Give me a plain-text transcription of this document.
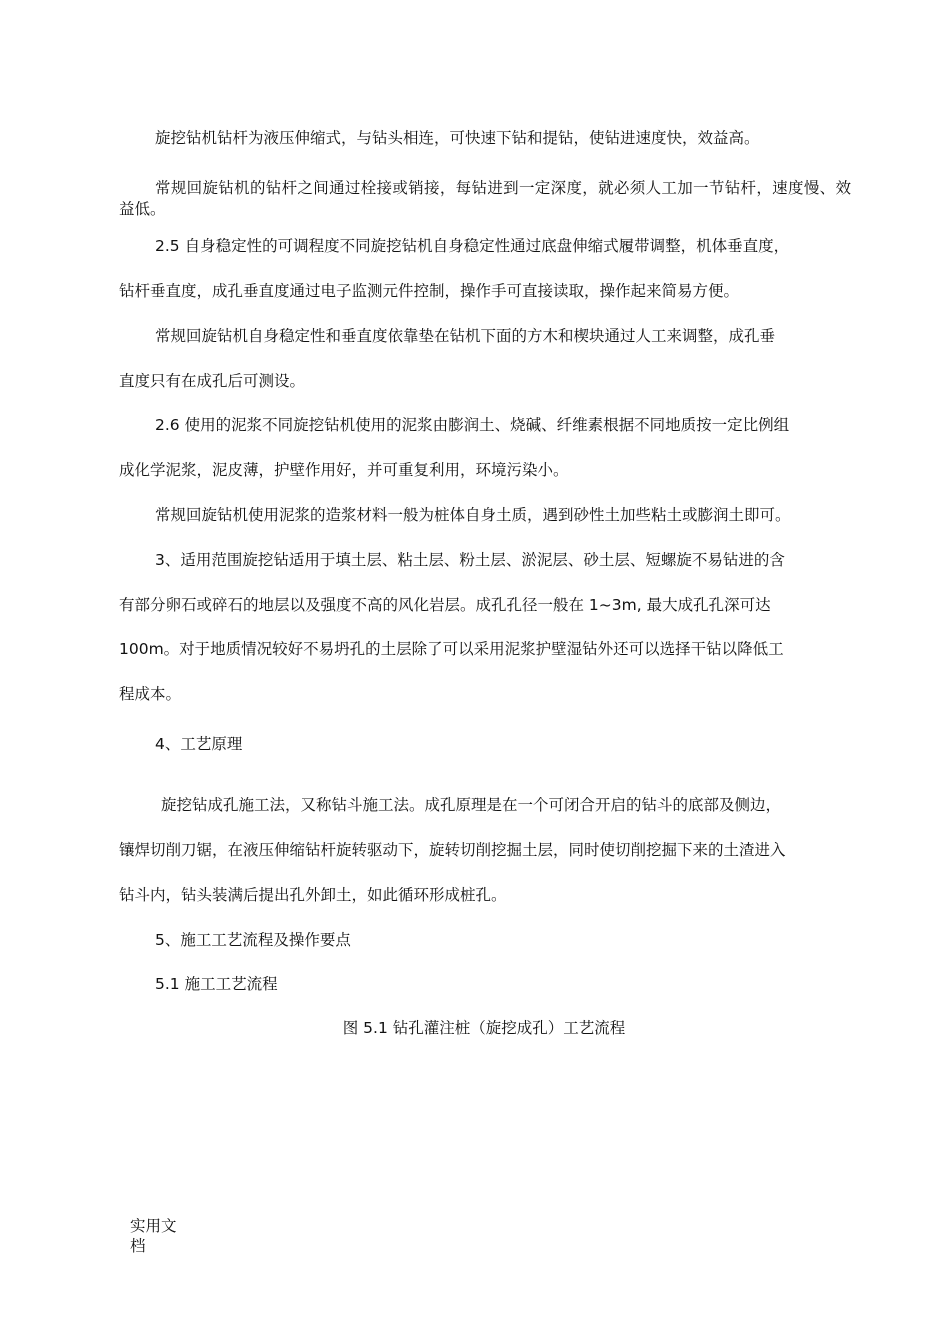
旋挖钻机钻杆为液压伸缩式，与钻头相连，可快速下钻和提钻，使钻进速度快，效益高。

常规回旋钻机的钻杆之间通过栓接或销接，每钻进到一定深度，就必须人工加一节钻杆，速度慢、效益低。

2.5 自身稳定性的可调程度不同旋挖钻机自身稳定性通过底盘伸缩式履带调整，机体垂直度，

钻杆垂直度，成孔垂直度通过电子监测元件控制，操作手可直接读取，操作起来简易方便。

常规回旋钻机自身稳定性和垂直度依靠垫在钻机下面的方木和楔块通过人工来调整，成孔垂

直度只有在成孔后可测设。

2.6 使用的泥浆不同旋挖钻机使用的泥浆由膨润土、烧碱、纤维素根据不同地质按一定比例组

成化学泥浆，泥皮薄，护壁作用好，并可重复利用，环境污染小。

常规回旋钻机使用泥浆的造浆材料一般为桩体自身土质，遇到砂性土加些粘土或膨润土即可。

3、适用范围旋挖钻适用于填土层、粘土层、粉土层、淤泥层、砂土层、短螺旋不易钻进的含

有部分卵石或碎石的地层以及强度不高的风化岩层。成孔孔径一般在 1~3m, 最大成孔孔深可达

100m。对于地质情况较好不易坍孔的土层除了可以采用泥浆护壁湿钻外还可以选择干钻以降低工

程成本。

4、工艺原理

旋挖钻成孔施工法，又称钻斗施工法。成孔原理是在一个可闭合开启的钻斗的底部及侧边，

镶焊切削刀锯，在液压伸缩钻杆旋转驱动下，旋转切削挖掘土层，同时使切削挖掘下来的土渣进入

钻斗内，钻头装满后提出孔外卸土，如此循环形成桩孔。

5、施工工艺流程及操作要点

5.1 施工工艺流程

图 5.1 钻孔灌注桩（旋挖成孔）工艺流程

实用文档
